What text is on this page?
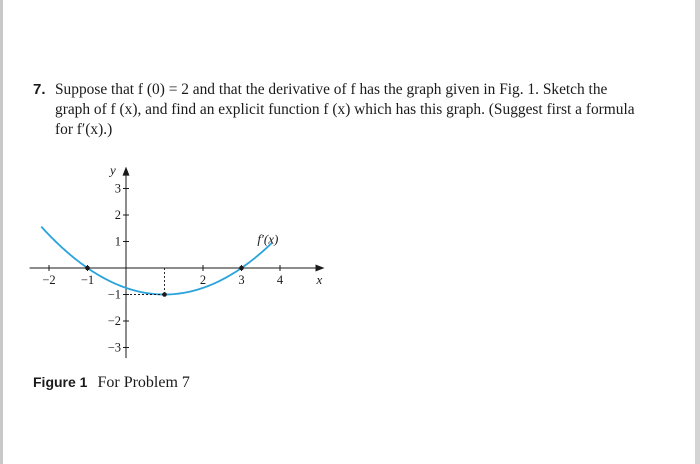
7. Suppose that f (0) = 2 and that the derivative of f has the graph given in Fig. 1. Sketch the
graph of f (x), and find an explicit function f (x) which has this graph. (Suggest first a formula
for f′(x).)
x
y
−2 −1	2	3	4
3
2
1
−1
−2
−3
f′(x)
Figure 1 For Problem 7
